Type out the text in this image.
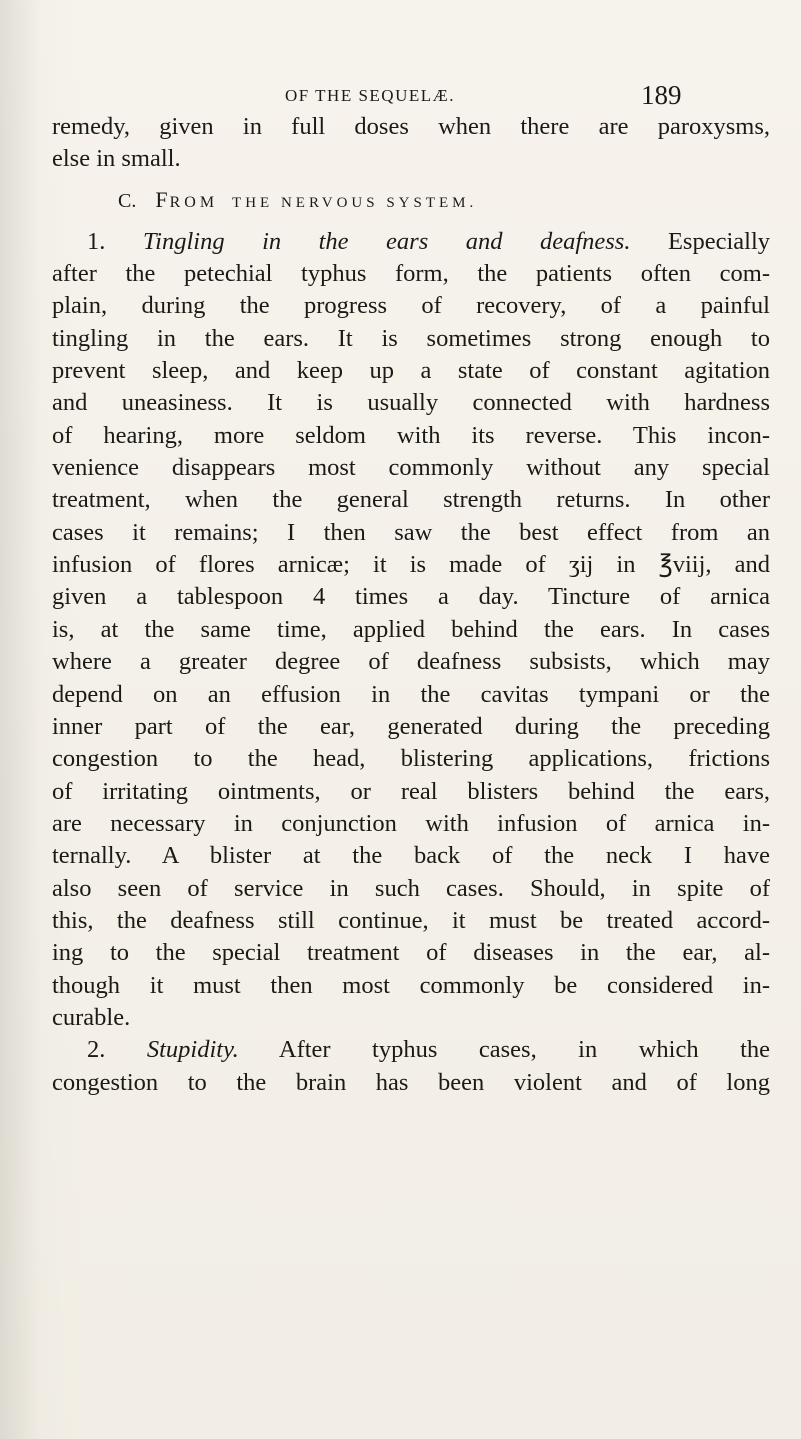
OF THE SEQUELÆ.	189
remedy, given in full doses when there are paroxysms,
else in small.
C. FROM THE NERVOUS SYSTEM.
1. Tingling in the ears and deafness. Especially
after the petechial typhus form, the patients often com-
plain, during the progress of recovery, of a painful
tingling in the ears. It is sometimes strong enough to
prevent sleep, and keep up a state of constant agitation
and uneasiness. It is usually connected with hardness
of hearing, more seldom with its reverse. This incon-
venience disappears most commonly without any special
treatment, when the general strength returns. In other
cases it remains; I then saw the best effect from an
infusion of flores arnicæ; it is made of ʒij in ℥viij, and
given a tablespoon 4 times a day. Tincture of arnica
is, at the same time, applied behind the ears. In cases
where a greater degree of deafness subsists, which may
depend on an effusion in the cavitas tympani or the
inner part of the ear, generated during the preceding
congestion to the head, blistering applications, frictions
of irritating ointments, or real blisters behind the ears,
are necessary in conjunction with infusion of arnica in-
ternally. A blister at the back of the neck I have
also seen of service in such cases. Should, in spite of
this, the deafness still continue, it must be treated accord-
ing to the special treatment of diseases in the ear, al-
though it must then most commonly be considered in-
curable.
2. Stupidity. After typhus cases, in which the
congestion to the brain has been violent and of long
